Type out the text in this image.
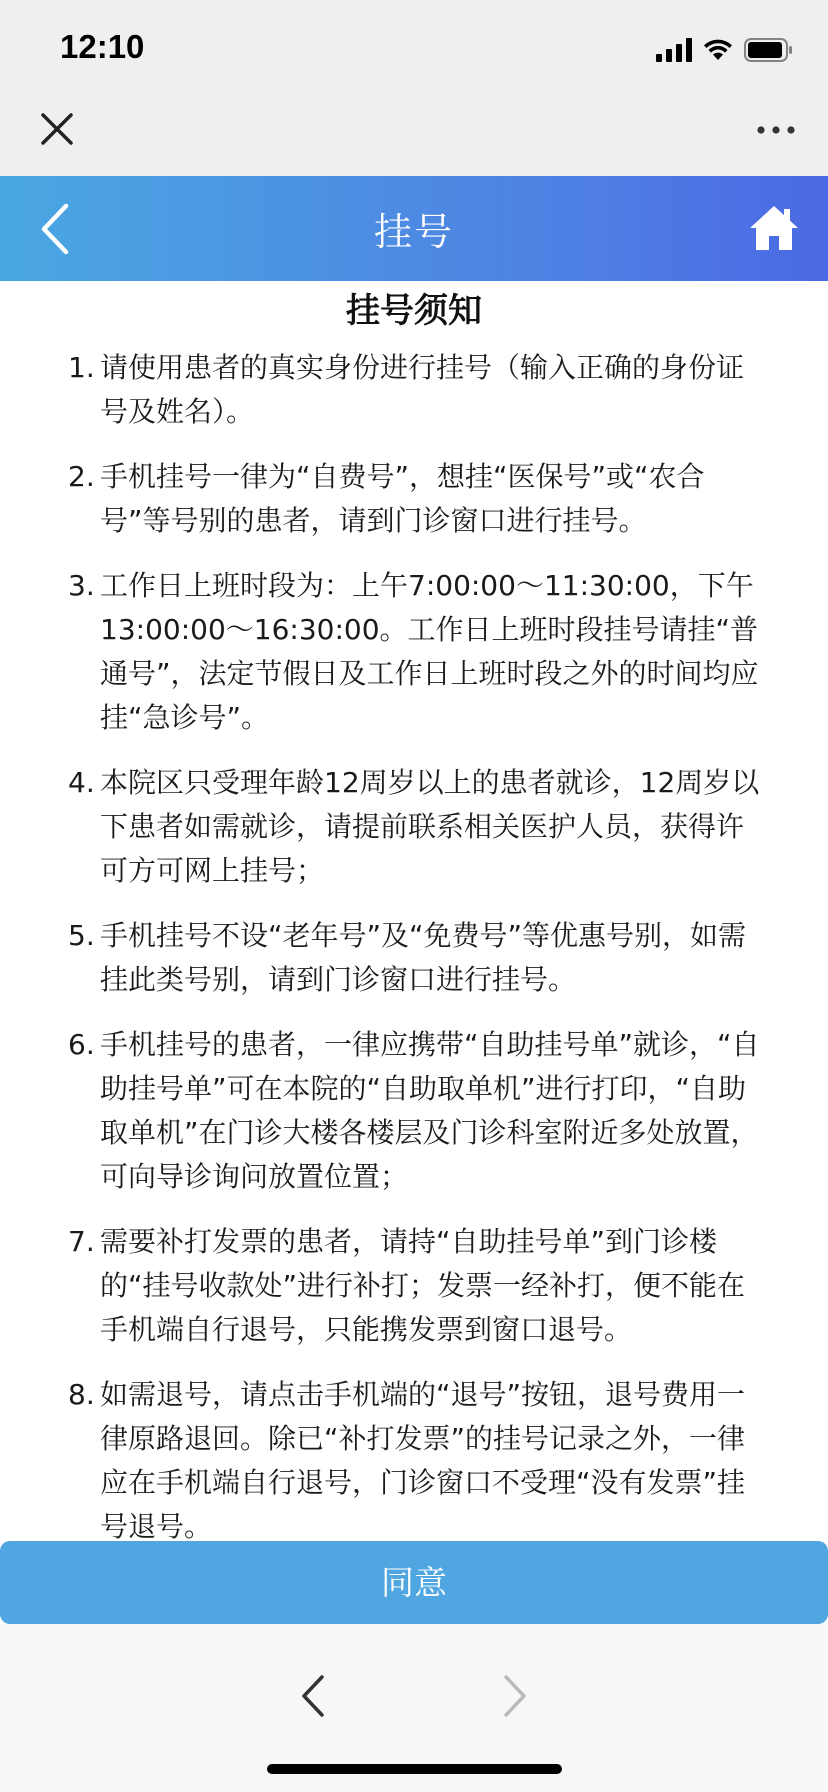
12:10
挂号
挂号须知
1. 请使用患者的真实身份进行挂号（输入正确的身份证号及姓名）。
2. 手机挂号一律为“自费号”，想挂“医保号”或“农合号”等号别的患者，请到门诊窗口进行挂号。
3. 工作日上班时段为：上午7:00:00～11:30:00，下午13:00:00～16:30:00。工作日上班时段挂号请挂“普通号”，法定节假日及工作日上班时段之外的时间均应挂“急诊号”。
4. 本院区只受理年龄12周岁以上的患者就诊，12周岁以下患者如需就诊，请提前联系相关医护人员，获得许可方可网上挂号；
5. 手机挂号不设“老年号”及“免费号”等优惠号别，如需挂此类号别，请到门诊窗口进行挂号。
6. 手机挂号的患者，一律应携带“自助挂号单”就诊，“自助挂号单”可在本院的“自助取单机”进行打印，“自助取单机”在门诊大楼各楼层及门诊科室附近多处放置，可向导诊询问放置位置；
7. 需要补打发票的患者，请持“自助挂号单”到门诊楼的“挂号收款处”进行补打；发票一经补打，便不能在手机端自行退号，只能携发票到窗口退号。
8. 如需退号，请点击手机端的“退号”按钮，退号费用一律原路退回。除已“补打发票”的挂号记录之外，一律应在手机端自行退号，门诊窗口不受理“没有发票”挂号退号。
同意
